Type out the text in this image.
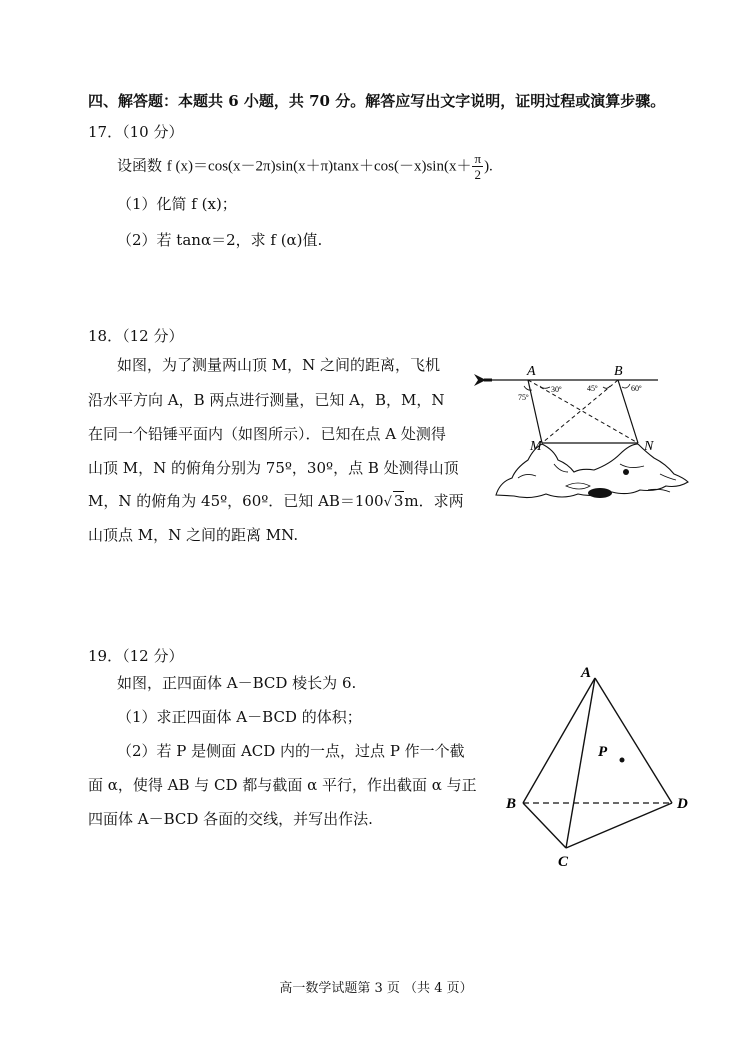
四、解答题：本题共 6 小题，共 70 分。解答应写出文字说明，证明过程或演算步骤。
17．（10 分）
设函数 f $(x)=\cos(x-2\pi)\sin(x+\pi)\tan x+\cos(-x)\sin(x+ \frac{\pi}{2}$ ).
（1）化简 f (x)；
（2）若 tanα＝2，求 f (α)值.
18．（12 分）
如图，为了测量两山顶 M，N 之间的距离，飞机
沿水平方向 A，B 两点进行测量，已知 A，B，M，N
在同一个铅锤平面内（如图所示）．已知在点 A 处测得
山顶 M，N 的俯角分别为 75º，30º，点 B 处测得山顶
M，N 的俯角为 45º，60º．已知 AB＝100√ 3m．求两
山顶点 M，N 之间的距离 MN.
A	B
M	N
75º
30º	45º	60º
19．（12 分）
如图，正四面体 A－BCD 棱长为 6.
（1）求正四面体 A－BCD 的体积；
（2）若 P 是侧面 ACD 内的一点，过点 P 作一个截
面 α，使得 AB 与 CD 都与截面 α 平行，作出截面 α 与正
四面体 A－BCD 各面的交线，并写出作法.
A
B
C
D
P
高一数学试题第 3 页 （共 4 页）
